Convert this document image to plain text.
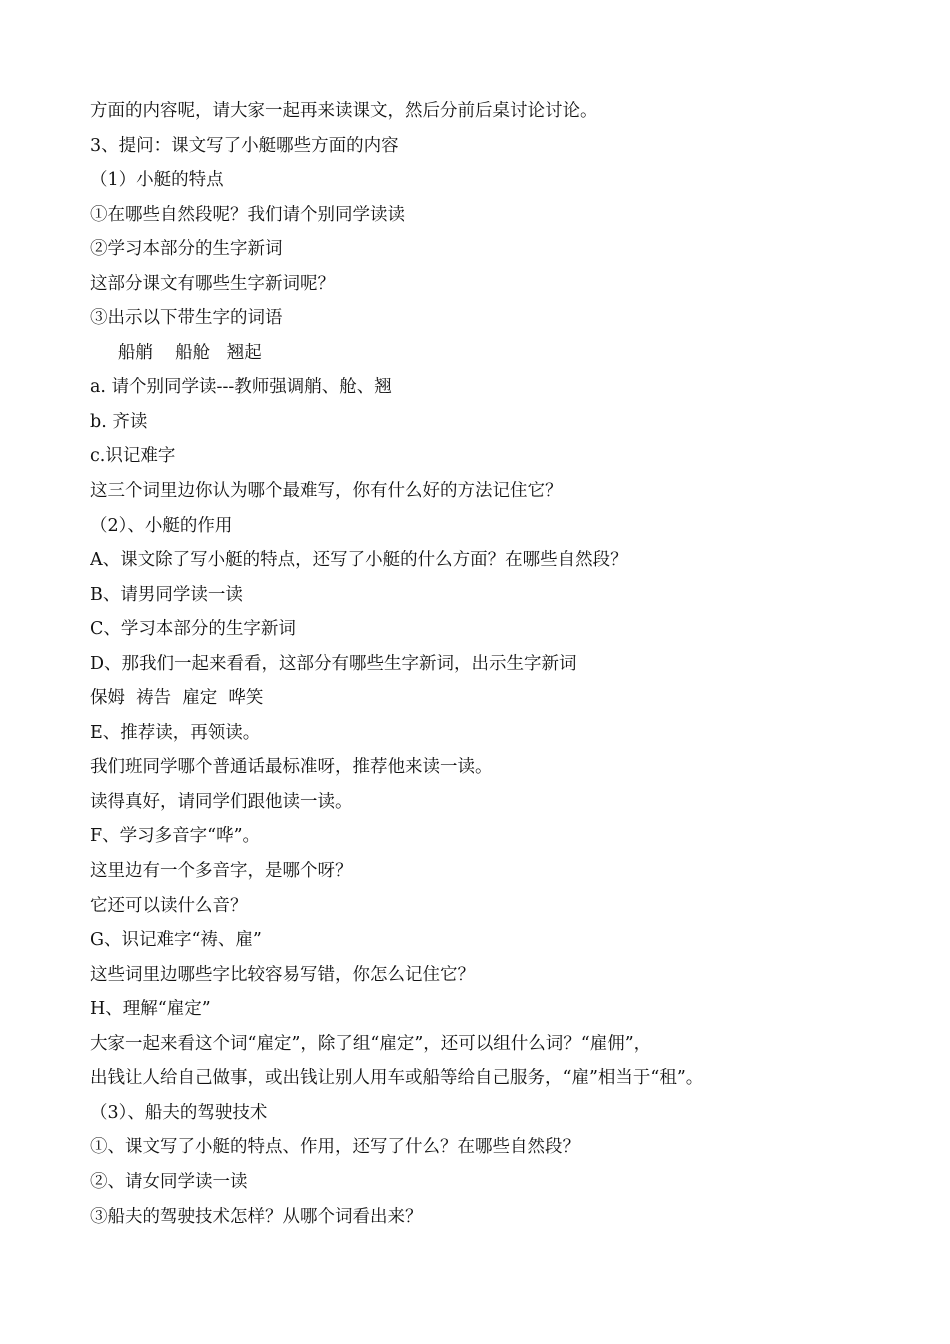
方面的内容呢，请大家一起再来读课文，然后分前后桌讨论讨论。
3、提问：课文写了小艇哪些方面的内容
（1）小艇的特点
①在哪些自然段呢？我们请个别同学读读
②学习本部分的生字新词
这部分课文有哪些生字新词呢？
③出示以下带生字的词语
船艄    船舱   翘起
a. 请个别同学读---教师强调艄、舱、翘
b. 齐读
c.识记难字
这三个词里边你认为哪个最难写，你有什么好的方法记住它？
（2）、小艇的作用
A、课文除了写小艇的特点，还写了小艇的什么方面？在哪些自然段？
B、请男同学读一读
C、学习本部分的生字新词
D、那我们一起来看看，这部分有哪些生字新词，出示生字新词
保姆  祷告  雇定  哗笑
E、推荐读，再领读。
我们班同学哪个普通话最标准呀，推荐他来读一读。
读得真好，请同学们跟他读一读。
F、学习多音字“哗”。
这里边有一个多音字，是哪个呀？
它还可以读什么音？
G、识记难字“祷、雇”
这些词里边哪些字比较容易写错，你怎么记住它？
H、理解“雇定”
大家一起来看这个词“雇定”，除了组“雇定”，还可以组什么词？“雇佣”，
出钱让人给自己做事，或出钱让别人用车或船等给自己服务，“雇”相当于“租”。
（3）、船夫的驾驶技术
①、课文写了小艇的特点、作用，还写了什么？在哪些自然段？
②、请女同学读一读
③船夫的驾驶技术怎样？从哪个词看出来？
